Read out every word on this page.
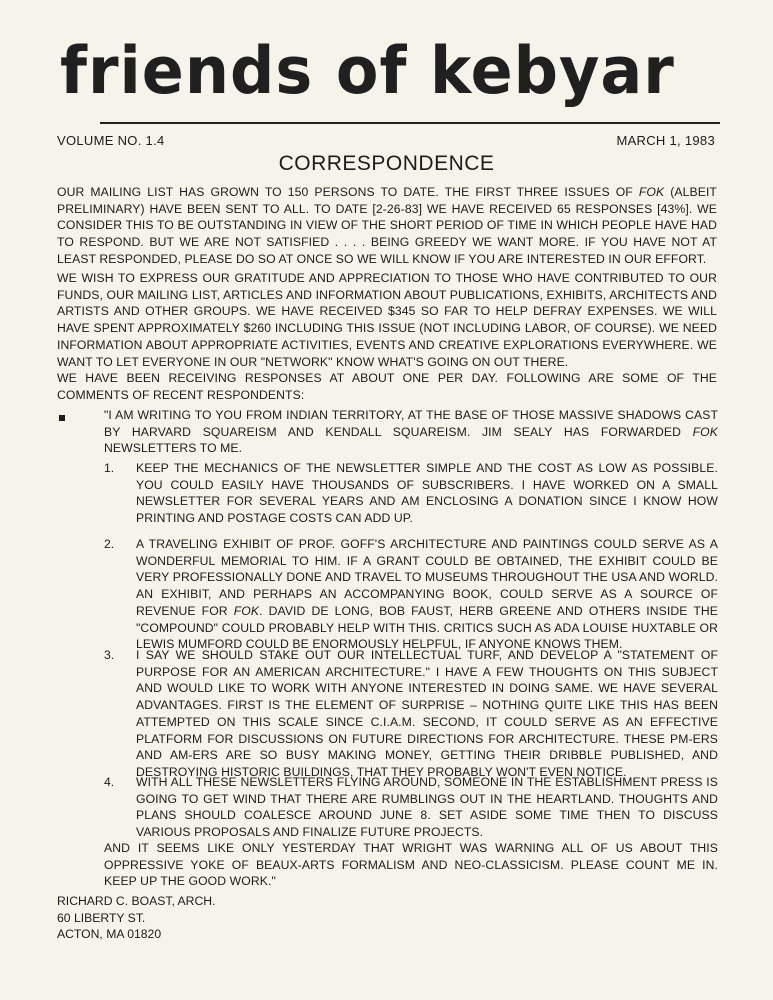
friends of kebyar
VOLUME NO. 1.4	MARCH 1, 1983
CORRESPONDENCE

OUR MAILING LIST HAS GROWN TO 150 PERSONS TO DATE. THE FIRST THREE ISSUES OF FOK (ALBEIT PRELIMINARY) HAVE BEEN SENT TO ALL. TO DATE [2-26-83] WE HAVE RECEIVED 65 RESPONSES [43%]. WE CONSIDER THIS TO BE OUTSTANDING IN VIEW OF THE SHORT PERIOD OF TIME IN WHICH PEOPLE HAVE HAD TO RESPOND. BUT WE ARE NOT SATISFIED . . . . BEING GREEDY WE WANT MORE. IF YOU HAVE NOT AT LEAST RESPONDED, PLEASE DO SO AT ONCE SO WE WILL KNOW IF YOU ARE INTERESTED IN OUR EFFORT.

WE WISH TO EXPRESS OUR GRATITUDE AND APPRECIATION TO THOSE WHO HAVE CONTRIBUTED TO OUR FUNDS, OUR MAILING LIST, ARTICLES AND INFORMATION ABOUT PUBLICATIONS, EXHIBITS, ARCHITECTS AND ARTISTS AND OTHER GROUPS. WE HAVE RECEIVED $345 SO FAR TO HELP DEFRAY EXPENSES. WE WILL HAVE SPENT APPROXIMATELY $260 INCLUDING THIS ISSUE (NOT INCLUDING LABOR, OF COURSE). WE NEED INFORMATION ABOUT APPROPRIATE ACTIVITIES, EVENTS AND CREATIVE EXPLORATIONS EVERYWHERE. WE WANT TO LET EVERYONE IN OUR "NETWORK" KNOW WHAT'S GOING ON OUT THERE.

WE HAVE BEEN RECEIVING RESPONSES AT ABOUT ONE PER DAY. FOLLOWING ARE SOME OF THE COMMENTS OF RECENT RESPONDENTS:

"I AM WRITING TO YOU FROM INDIAN TERRITORY, AT THE BASE OF THOSE MASSIVE SHADOWS CAST BY HARVARD SQUAREISM AND KENDALL SQUAREISM. JIM SEALY HAS FORWARDED FOK NEWSLETTERS TO ME.

1. KEEP THE MECHANICS OF THE NEWSLETTER SIMPLE AND THE COST AS LOW AS POSSIBLE. YOU COULD EASILY HAVE THOUSANDS OF SUBSCRIBERS. I HAVE WORKED ON A SMALL NEWSLETTER FOR SEVERAL YEARS AND AM ENCLOSING A DONATION SINCE I KNOW HOW PRINTING AND POSTAGE COSTS CAN ADD UP.

2. A TRAVELING EXHIBIT OF PROF. GOFF'S ARCHITECTURE AND PAINTINGS COULD SERVE AS A WONDERFUL MEMORIAL TO HIM. IF A GRANT COULD BE OBTAINED, THE EXHIBIT COULD BE VERY PROFESSIONALLY DONE AND TRAVEL TO MUSEUMS THROUGHOUT THE USA AND WORLD. AN EXHIBIT, AND PERHAPS AN ACCOMPANYING BOOK, COULD SERVE AS A SOURCE OF REVENUE FOR FOK. DAVID DE LONG, BOB FAUST, HERB GREENE AND OTHERS INSIDE THE "COMPOUND" COULD PROBABLY HELP WITH THIS. CRITICS SUCH AS ADA LOUISE HUXTABLE OR LEWIS MUMFORD COULD BE ENORMOUSLY HELPFUL, IF ANYONE KNOWS THEM.

3. I SAY WE SHOULD STAKE OUT OUR INTELLECTUAL TURF, AND DEVELOP A "STATEMENT OF PURPOSE FOR AN AMERICAN ARCHITECTURE." I HAVE A FEW THOUGHTS ON THIS SUBJECT AND WOULD LIKE TO WORK WITH ANYONE INTERESTED IN DOING SAME. WE HAVE SEVERAL ADVANTAGES. FIRST IS THE ELEMENT OF SURPRISE – NOTHING QUITE LIKE THIS HAS BEEN ATTEMPTED ON THIS SCALE SINCE C.I.A.M. SECOND, IT COULD SERVE AS AN EFFECTIVE PLATFORM FOR DISCUSSIONS ON FUTURE DIRECTIONS FOR ARCHITECTURE. THESE PM-ERS AND AM-ERS ARE SO BUSY MAKING MONEY, GETTING THEIR DRIBBLE PUBLISHED, AND DESTROYING HISTORIC BUILDINGS, THAT THEY PROBABLY WON'T EVEN NOTICE.

4. WITH ALL THESE NEWSLETTERS FLYING AROUND, SOMEONE IN THE ESTABLISHMENT PRESS IS GOING TO GET WIND THAT THERE ARE RUMBLINGS OUT IN THE HEARTLAND. THOUGHTS AND PLANS SHOULD COALESCE AROUND JUNE 8. SET ASIDE SOME TIME THEN TO DISCUSS VARIOUS PROPOSALS AND FINALIZE FUTURE PROJECTS.

AND IT SEEMS LIKE ONLY YESTERDAY THAT WRIGHT WAS WARNING ALL OF US ABOUT THIS OPPRESSIVE YOKE OF BEAUX-ARTS FORMALISM AND NEO-CLASSICISM. PLEASE COUNT ME IN. KEEP UP THE GOOD WORK."

RICHARD C. BOAST, ARCH.
60 LIBERTY ST.
ACTON, MA 01820
